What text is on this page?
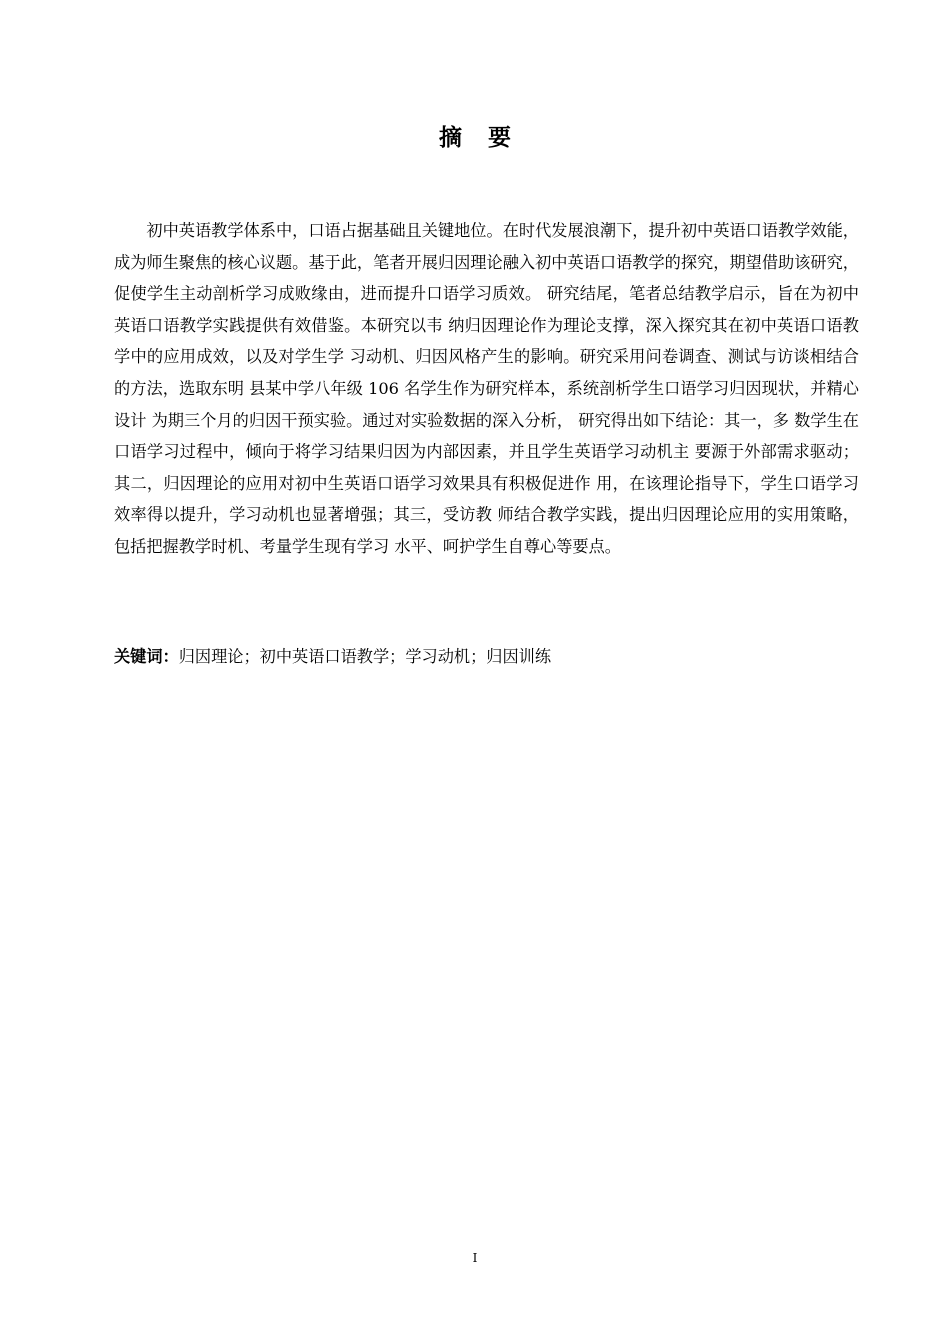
摘要

初中英语教学体系中，口语占据基础且关键地位。在时代发展浪潮下，提升初中英语口语教学效能，成为师生聚焦的核心议题。基于此，笔者开展归因理论融入初中英语口语教学的探究，期望借助该研究，促使学生主动剖析学习成败缘由，进而提升口语学习质效。 研究结尾，笔者总结教学启示，旨在为初中英语口语教学实践提供有效借鉴。本研究以韦 纳归因理论作为理论支撑，深入探究其在初中英语口语教学中的应用成效，以及对学生学 习动机、归因风格产生的影响。研究采用问卷调查、测试与访谈相结合的方法，选取东明 县某中学八年级 106 名学生作为研究样本，系统剖析学生口语学习归因现状，并精心设计 为期三个月的归因干预实验。通过对实验数据的深入分析， 研究得出如下结论：其一，多 数学生在口语学习过程中，倾向于将学习结果归因为内部因素，并且学生英语学习动机主 要源于外部需求驱动；其二，归因理论的应用对初中生英语口语学习效果具有积极促进作 用，在该理论指导下，学生口语学习效率得以提升，学习动机也显著增强；其三，受访教 师结合教学实践，提出归因理论应用的实用策略，包括把握教学时机、考量学生现有学习 水平、呵护学生自尊心等要点。

关键词：归因理论；初中英语口语教学；学习动机；归因训练

I
